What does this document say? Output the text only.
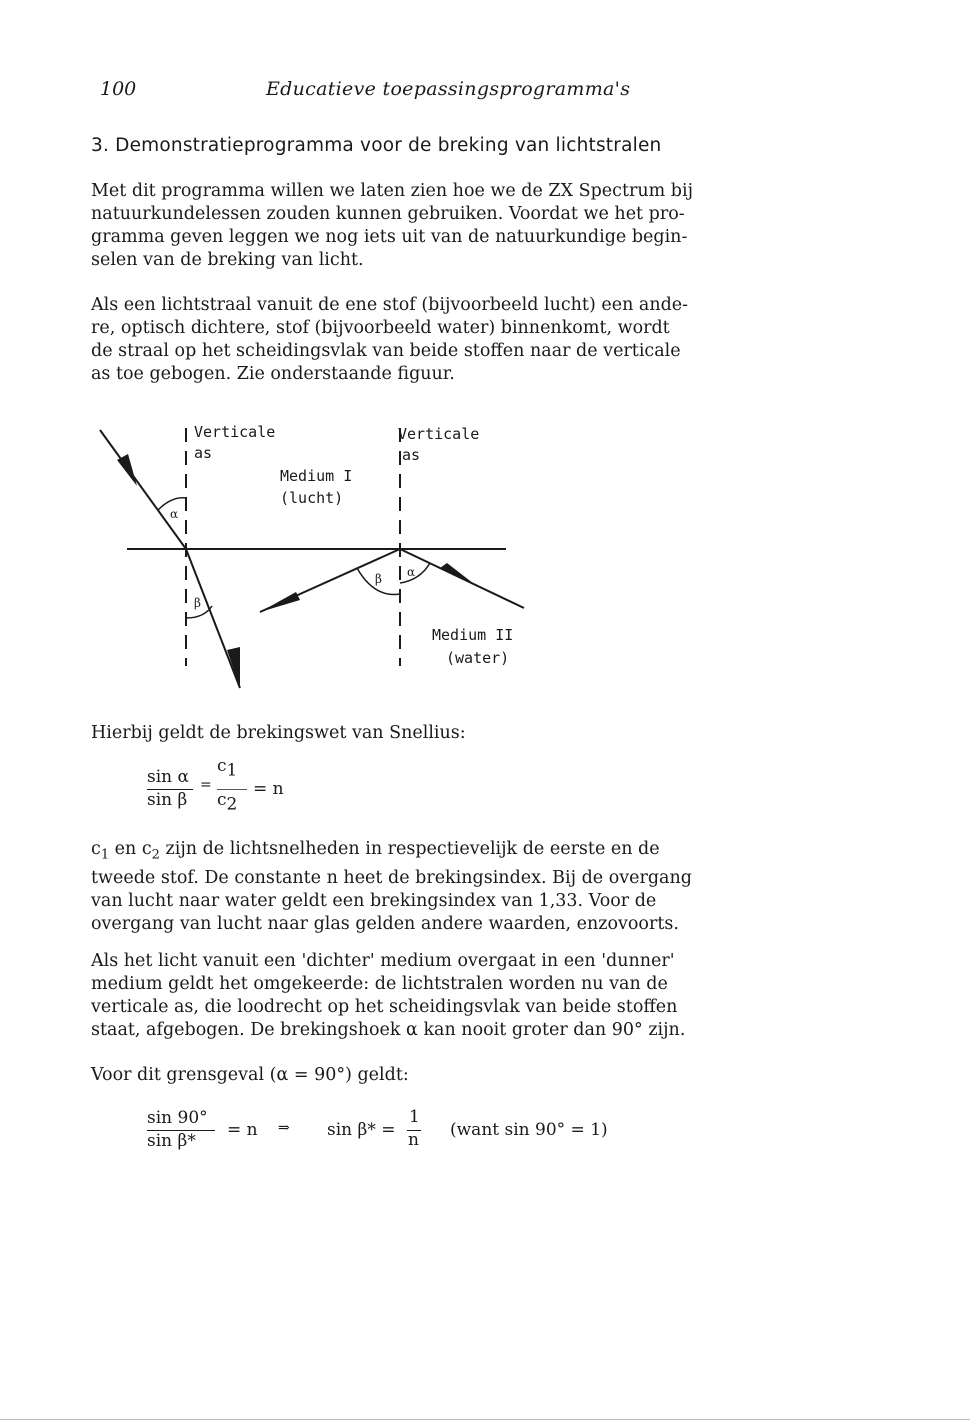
100	Educatieve toepassingsprogramma's
3. Demonstratieprogramma voor de breking van lichtstralen
Met dit programma willen we laten zien hoe we de ZX Spectrum bij
natuurkundelessen zouden kunnen gebruiken. Voordat we het pro-
gramma geven leggen we nog iets uit van de natuurkundige begin-
selen van de breking van licht.
Als een lichtstraal vanuit de ene stof (bijvoorbeeld lucht) een ande-
re, optisch dichtere, stof (bijvoorbeeld water) binnenkomt, wordt
de straal op het scheidingsvlak van beide stoffen naar de verticale
as toe gebogen. Zie onderstaande figuur.
Verticale
as
Verticale
as
Medium I
(lucht)
Medium II
(water)
α
β
β α
Hierbij geldt de brekingswet van Snellius:
sin α
sin β
=
$c_1$
$c_2$
= n
$c_1$ en $c_2$ zijn de lichtsnelheden in respectievelijk de eerste en de
tweede stof. De constante n heet de brekingsindex. Bij de overgang
van lucht naar water geldt een brekingsindex van 1,33. Voor de
overgang van lucht naar glas gelden andere waarden, enzovoorts.
Als het licht vanuit een 'dichter' medium overgaat in een 'dunner'
medium geldt het omgekeerde: de lichtstralen worden nu van de
verticale as, die loodrecht op het scheidingsvlak van beide stoffen
staat, afgebogen. De brekingshoek α kan nooit groter dan 90° zijn.
Voor dit grensgeval (α = 90°) geldt:
sin 90°
sin β*
= n ⇒ sin β* =
1
n (want sin 90° = 1)
